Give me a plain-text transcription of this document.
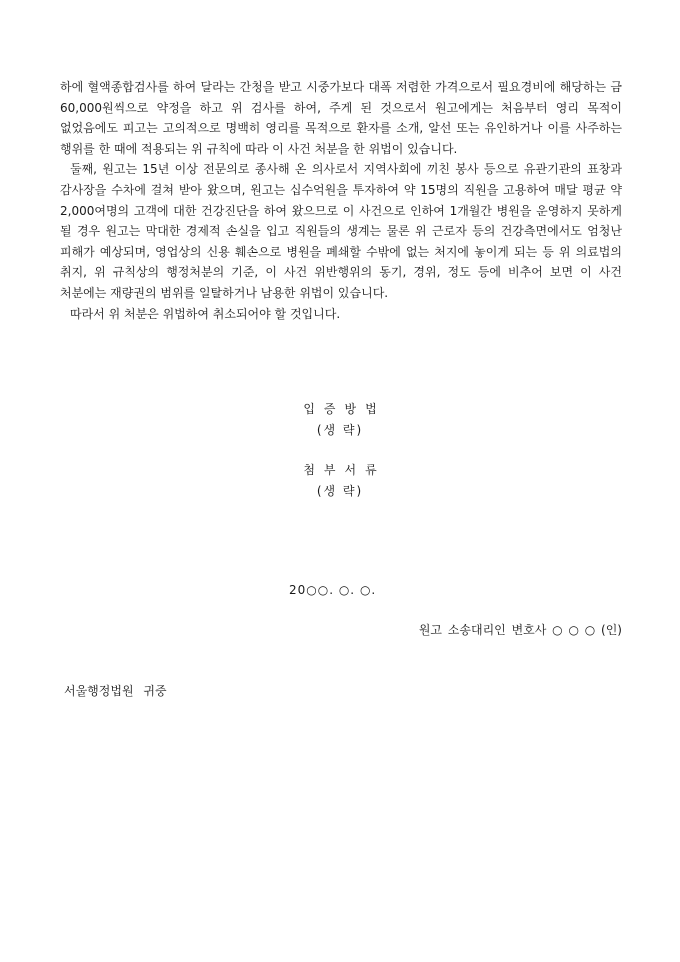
하에 혈액종합검사를 하여 달라는 간청을 받고 시중가보다 대폭 저렴한 가격으로서 필요경비에 해당하는 금 60,000원씩으로 약정을 하고 위 검사를 하여, 주게 된 것으로서 원고에게는 처음부터 영리 목적이 없었음에도 피고는 고의적으로 명백히 영리를 목적으로 환자를 소개, 알선 또는 유인하거나 이를 사주하는 행위를 한 때에 적용되는 위 규칙에 따라 이 사건 처분을 한 위법이 있습니다.

둘째, 원고는 15년 이상 전문의로 종사해 온 의사로서 지역사회에 끼친 봉사 등으로 유관기관의 표창과 감사장을 수차에 걸쳐 받아 왔으며, 원고는 십수억원을 투자하여 약 15명의 직원을 고용하여 매달 평균 약 2,000여명의 고객에 대한 건강진단을 하여 왔으므로 이 사건으로 인하여 1개월간 병원을 운영하지 못하게 될 경우 원고는 막대한 경제적 손실을 입고 직원들의 생계는 물론 위 근로자 등의 건강측면에서도 엄청난 피해가 예상되며, 영업상의 신용 훼손으로 병원을 폐쇄할 수밖에 없는 처지에 놓이게 되는 등 위 의료법의 취지, 위 규칙상의 행정처분의 기준, 이 사건 위반행위의 동기, 경위, 정도 등에 비추어 보면 이 사건 처분에는 재량권의 범위를 일탈하거나 남용한 위법이 있습니다.

따라서 위 처분은 위법하여 취소되어야 할 것입니다.

입증방법
(생 략)
첨부서류
(생 략)
20○○. ○. ○.
원고 소송대리인 변호사 ○ ○ ○ (인)
서울행정법원 귀중
